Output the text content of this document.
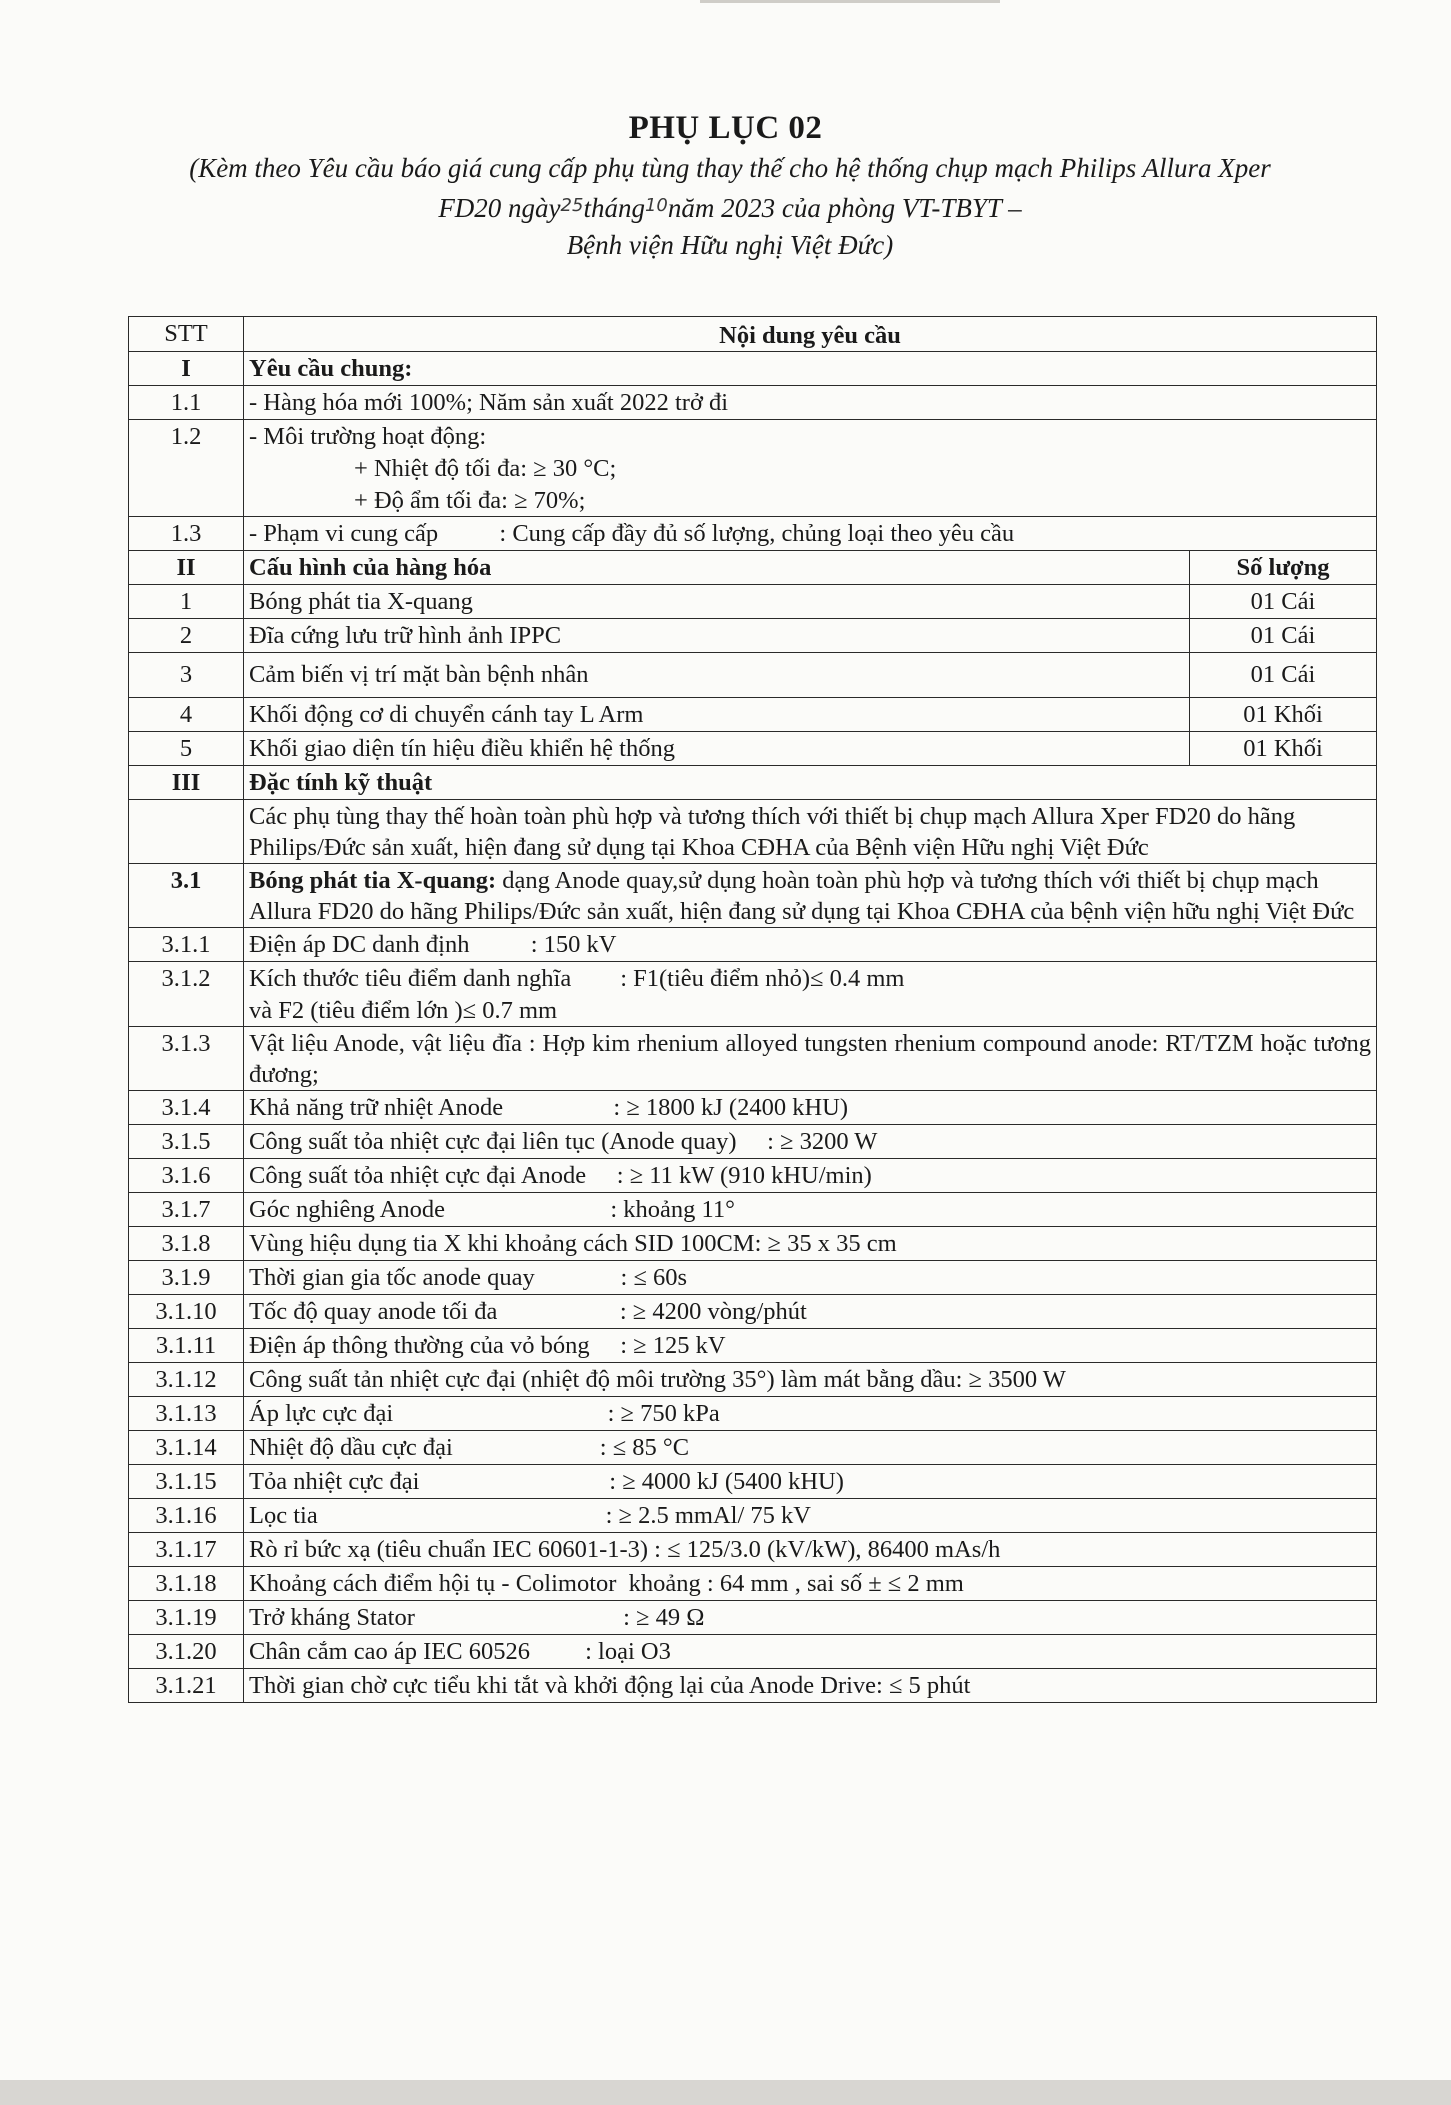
PHỤ LỤC 02
(Kèm theo Yêu cầu báo giá cung cấp phụ tùng thay thế cho hệ thống chụp mạch Philips Allura Xper FD20 ngày$^{25}$tháng$^{10}$năm 2023 của phòng VT-TBYT –
Bệnh viện Hữu nghị Việt Đức)
STT	Nội dung yêu cầu	
I	Yêu cầu chung:	
1.1	- Hàng hóa mới 100%; Năm sản xuất 2022 trở đi	
1.2	- Môi trường hoạt động:
+ Nhiệt độ tối đa: ≥ 30 °C;
+ Độ ẩm tối đa: ≥ 70%;	

1.3	- Phạm vi cung cấp          : Cung cấp đầy đủ số lượng, chủng loại theo yêu cầu	
II	Cấu hình của hàng hóa	Số lượng
1	Bóng phát tia X-quang	01 Cái
2	Đĩa cứng lưu trữ hình ảnh IPPC	01 Cái
3	Cảm biến vị trí mặt bàn bệnh nhân	01 Cái
4	Khối động cơ di chuyển cánh tay L Arm	01 Khối
5	Khối giao diện tín hiệu điều khiển hệ thống	01 Khối
III	Đặc tính kỹ thuật	

	Các phụ tùng thay thế hoàn toàn phù hợp và tương thích với thiết bị chụp mạch Allura Xper FD20 do hãng Philips/Đức sản xuất, hiện đang sử dụng tại Khoa CĐHA của Bệnh viện Hữu nghị Việt Đức	

3.1	Bóng phát tia X-quang: dạng Anode quay,sử dụng hoàn toàn phù hợp và tương thích với thiết bị chụp mạch Allura FD20 do hãng Philips/Đức sản xuất, hiện đang sử dụng tại Khoa CĐHA của bệnh viện hữu nghị Việt Đức	

3.1.1	Điện áp DC danh định          : 150 kV	
3.1.2	Kích thước tiêu điểm danh nghĩa        : F1(tiêu điểm nhỏ)≤ 0.4 mm
và F2 (tiêu điểm lớn )≤ 0.7 mm	

3.1.3	Vật liệu Anode, vật liệu đĩa : Hợp kim rhenium alloyed tungsten rhenium compound anode: RT/TZM hoặc tương đương;	

3.1.4	Khả năng trữ nhiệt Anode                  : ≥ 1800 kJ (2400 kHU)	
3.1.5	Công suất tỏa nhiệt cực đại liên tục (Anode quay)     : ≥ 3200 W	
3.1.6	Công suất tỏa nhiệt cực đại Anode     : ≥ 11 kW (910 kHU/min)	
3.1.7	Góc nghiêng Anode                           : khoảng 11°	
3.1.8	Vùng hiệu dụng tia X khi khoảng cách SID 100CM: ≥ 35 x 35 cm	
3.1.9	Thời gian gia tốc anode quay              : ≤ 60s	
3.1.10	Tốc độ quay anode tối đa                    : ≥ 4200 vòng/phút	
3.1.11	Điện áp thông thường của vỏ bóng     : ≥ 125 kV	
3.1.12	Công suất tản nhiệt cực đại (nhiệt độ môi trường 35°) làm mát bằng dầu: ≥ 3500 W	
3.1.13	Áp lực cực đại                                   : ≥ 750 kPa	
3.1.14	Nhiệt độ dầu cực đại                        : ≤ 85 °C	
3.1.15	Tỏa nhiệt cực đại                               : ≥ 4000 kJ (5400 kHU)	
3.1.16	Lọc tia                                               : ≥ 2.5 mmAl/ 75 kV	
3.1.17	Rò rỉ bức xạ (tiêu chuẩn IEC 60601-1-3) : ≤ 125/3.0 (kV/kW), 86400 mAs/h	
3.1.18	Khoảng cách điểm hội tụ - Colimotor  khoảng : 64 mm , sai số ± ≤ 2 mm	
3.1.19	Trở kháng Stator                                  : ≥ 49 Ω	
3.1.20	Chân cắm cao áp IEC 60526         : loại O3	
3.1.21	Thời gian chờ cực tiểu khi tắt và khởi động lại của Anode Drive: ≤ 5 phút	
